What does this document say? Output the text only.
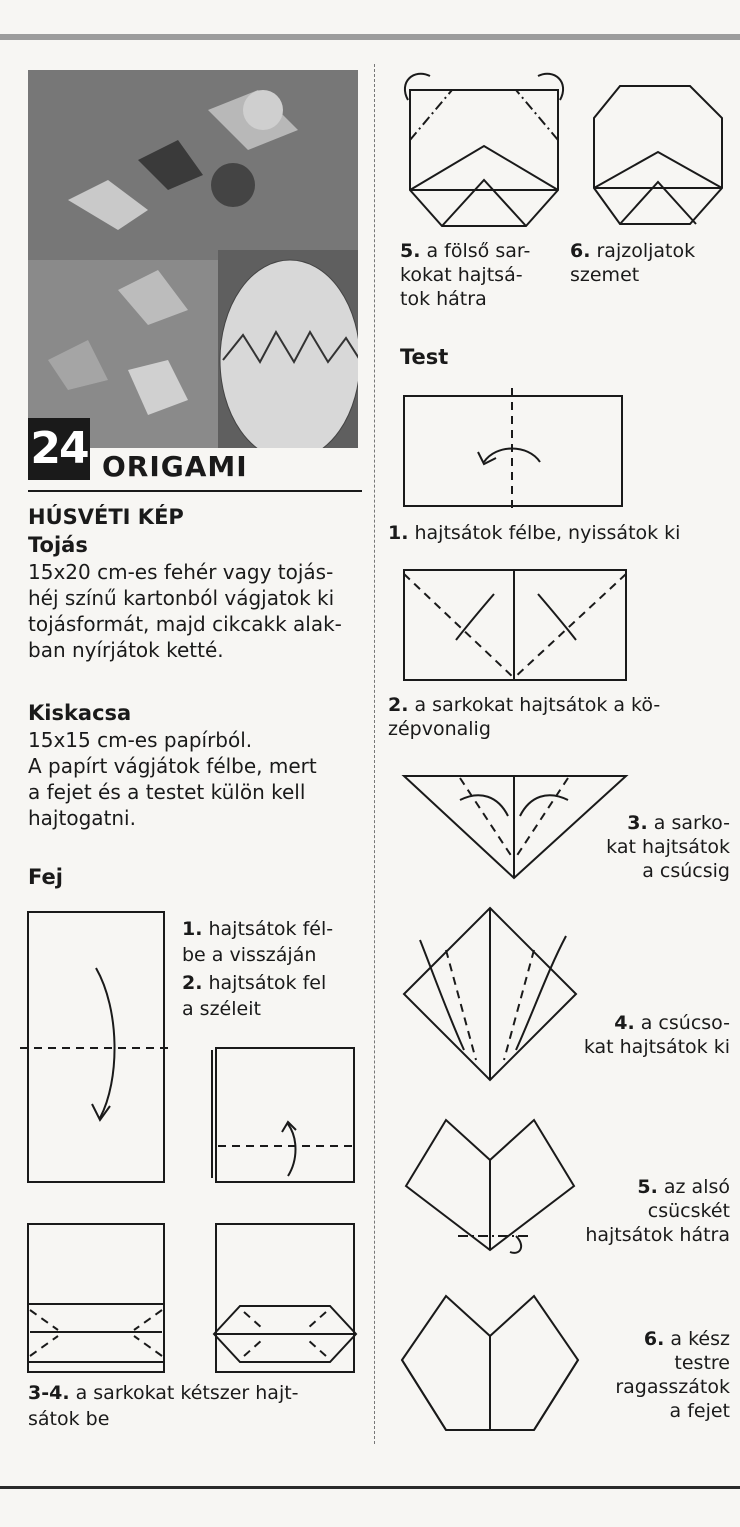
24 ORIGAMI
HÚSVÉTI KÉP
Tojás
15x20 cm-es fehér vagy tojás-
héj színű kartonból vágjatok ki
tojásformát, majd cikcakk alak-
ban nyírjátok ketté.
Kiskacsa
15x15 cm-es papírból.
A papírt vágjátok félbe, mert
a fejet és a testet külön kell
hajtogatni.
Fej
1. hajtsátok fél-
be a visszáján
2. hajtsátok fel
a széleit
3-4. a sarkokat kétszer hajt-
sátok be
5. a fölső sar-
kokat hajtsá-
tok hátra
6. rajzoljatok
szemet
Test
1. hajtsátok félbe, nyissátok ki
2. a sarkokat hajtsátok a kö-
zépvonalig
3. a sarko-
kat hajtsátok
a csúcsig
4. a csúcso-
kat hajtsátok ki
5. az alsó
csücskét
hajtsátok hátra
6. a kész
testre
ragasszátok
a fejet
